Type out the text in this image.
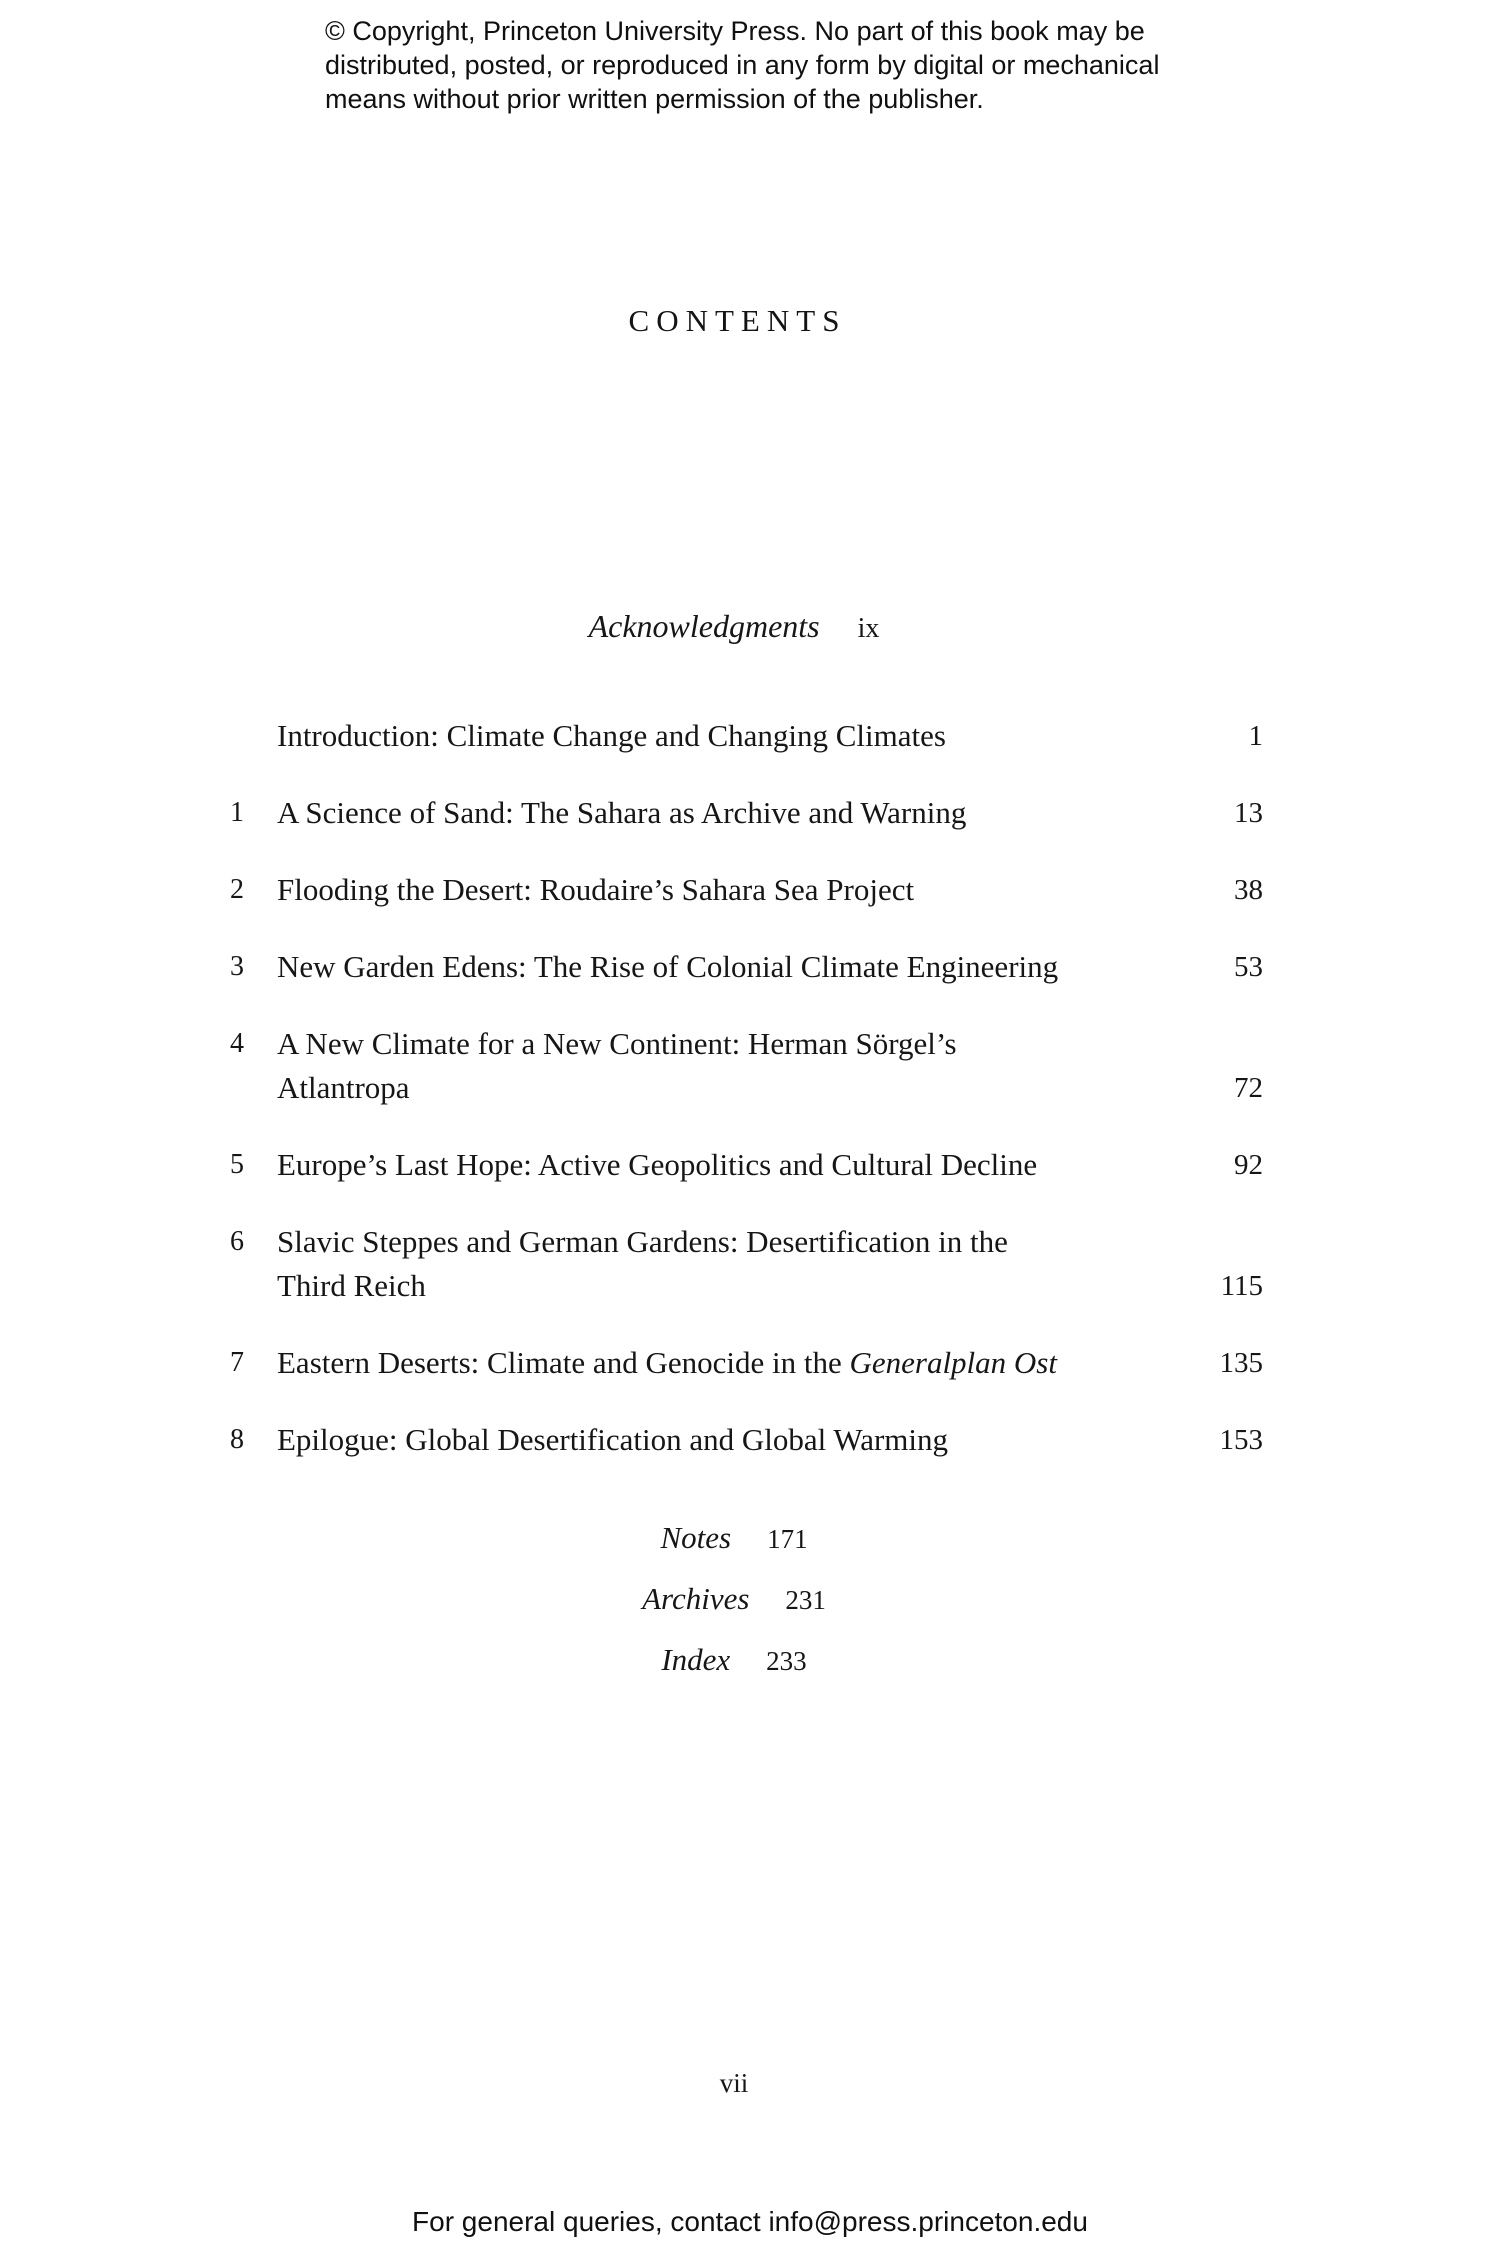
© Copyright, Princeton University Press. No part of this book may be
distributed, posted, or reproduced in any form by digital or mechanical
means without prior written permission of the publisher.
CONTENTS
Acknowledgments ix
Introduction: Climate Change and Changing Climates	1
1	A Science of Sand: The Sahara as Archive and Warning	13
2	Flooding the Desert: Roudaire’s Sahara Sea Project	38
3	New Garden Edens: The Rise of Colonial Climate Engineering	53
4	A New Climate for a New Continent: Herman Sörgel’s
Atlantropa	72
5	Europe’s Last Hope: Active Geopolitics and Cultural Decline	92
6	Slavic Steppes and German Gardens: Desertification in the
Third Reich	115
7	Eastern Deserts: Climate and Genocide in the Generalplan Ost	135
8	Epilogue: Global Desertification and Global Warming	153
Notes 171
Archives 231
Index 233
vii
For general queries, contact info@press.princeton.edu
